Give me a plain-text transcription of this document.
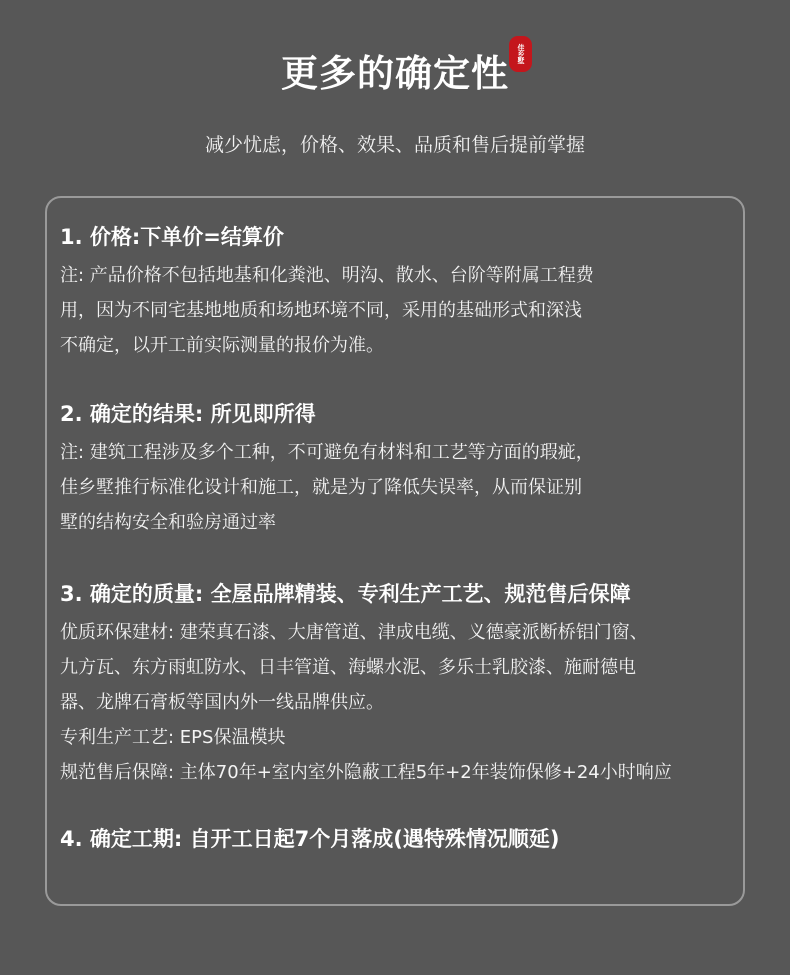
更多的确定性	佳乡墅
减少忧虑，价格、效果、品质和售后提前掌握
1. 价格:下单价=结算价
注: 产品价格不包括地基和化粪池、明沟、散水、台阶等附属工程费
用，因为不同宅基地地质和场地环境不同，采用的基础形式和深浅
不确定，以开工前实际测量的报价为准。
2. 确定的结果: 所见即所得
注: 建筑工程涉及多个工种，不可避免有材料和工艺等方面的瑕疵，
佳乡墅推行标准化设计和施工，就是为了降低失误率，从而保证别
墅的结构安全和验房通过率
3. 确定的质量: 全屋品牌精装、专利生产工艺、规范售后保障
优质环保建材: 建荣真石漆、大唐管道、津成电缆、义德豪派断桥铝门窗、
九方瓦、东方雨虹防水、日丰管道、海螺水泥、多乐士乳胶漆、施耐德电
器、龙牌石膏板等国内外一线品牌供应。
专利生产工艺: EPS保温模块
规范售后保障: 主体70年+室内室外隐蔽工程5年+2年装饰保修+24小时响应
4. 确定工期: 自开工日起7个月落成(遇特殊情况顺延)
